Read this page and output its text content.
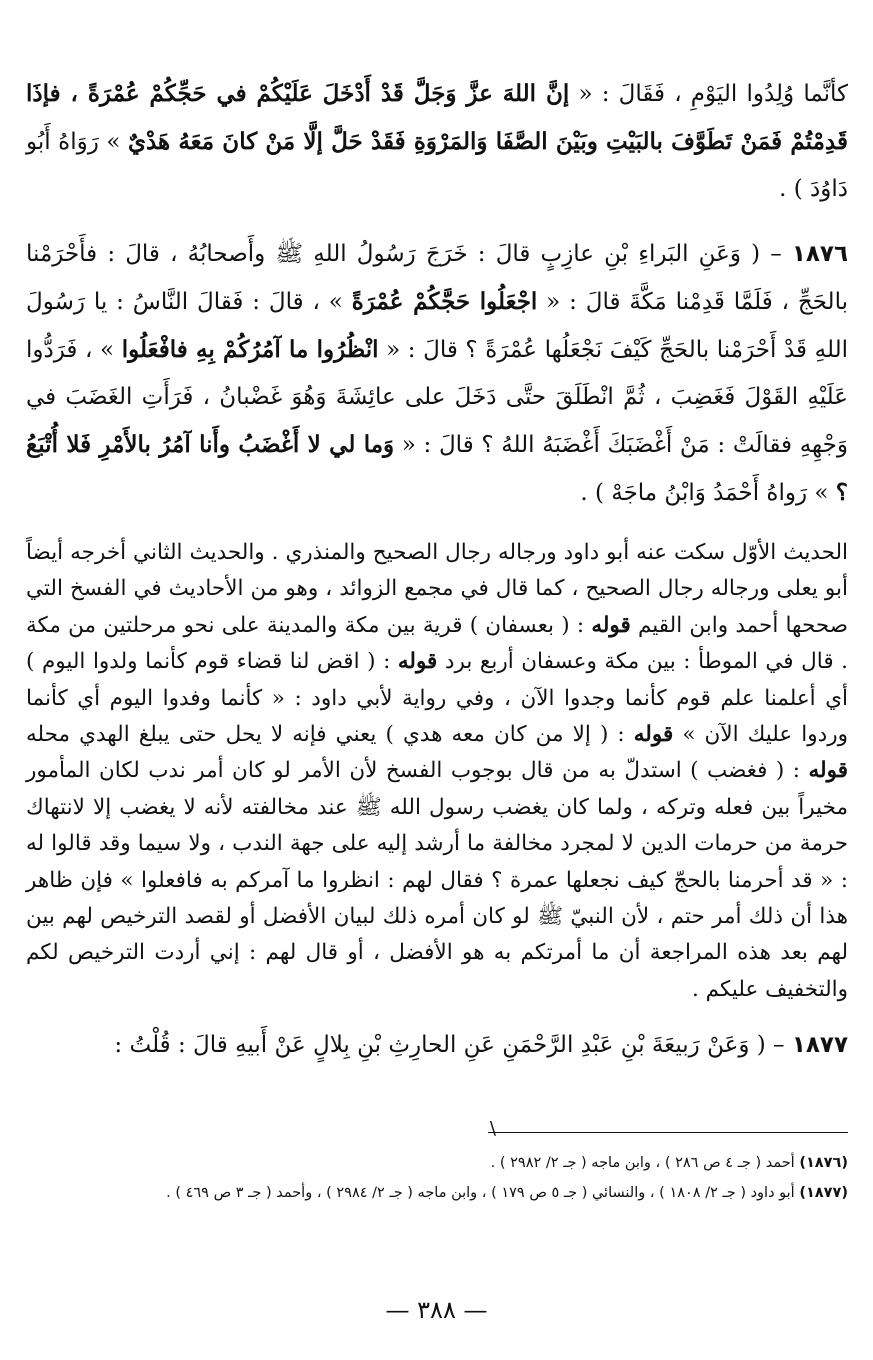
كأنَّما وُلِدُوا اليَوْمِ ، فَقَالَ : « إنَّ اللهَ عزَّ وَجَلَّ قَدْ أَدْخَلَ عَلَيْكُمْ في حَجِّكُمْ عُمْرَةً ، فإذَا قَدِمْتُمْ فَمَنْ تَطَوَّفَ بالبَيْتِ وبَيْنَ الصَّفَا وَالمَرْوَةِ فَقَدْ حَلَّ إلَّا مَنْ كانَ مَعَهُ هَدْيٌ » رَوَاهُ أَبُو دَاوُدَ ) .

١٨٧٦ – ( وَعَنِ البَراءِ بْنِ عازِبٍ قالَ : خَرَجَ رَسُولُ اللهِ ﷺ وأَصحابُهُ ، قالَ : فأَحْرَمْنا بالحَجِّ ، فَلَمَّا قَدِمْنا مَكَّةَ قالَ : « اجْعَلُوا حَجَّكُمْ عُمْرَةً » ، قالَ : فَقالَ النَّاسُ : يا رَسُولَ اللهِ قَدْ أَحْرَمْنا بالحَجِّ كَيْفَ نَجْعَلُها عُمْرَةً ؟ قالَ : « انْظُرُوا ما آمُرُكُمْ بِهِ فافْعَلُوا » ، فَرَدُّوا عَلَيْهِ القَوْلَ فَغَضِبَ ، ثُمَّ انْطَلَقَ حتَّى دَخَلَ على عائِشَةَ وَهُوَ غَضْبانُ ، فَرَأَتِ الغَضَبَ في وَجْهِهِ فقالَتْ : مَنْ أَغْضَبَكَ أَغْضَبَهُ اللهُ ؟ قالَ : « وَما لي لا أَغْضَبُ وأَنا آمُرُ بالأَمْرِ فَلا أُتْبَعُ ؟ » رَواهُ أَحْمَدُ وَابْنُ ماجَهْ ) .

الحديث الأوّل سكت عنه أبو داود ورجاله رجال الصحيح والمنذري . والحديث الثاني أخرجه أيضاً أبو يعلى ورجاله رجال الصحيح ، كما قال في مجمع الزوائد ، وهو من الأحاديث في الفسخ التي صححها أحمد وابن القيم قوله : ( بعسفان ) قرية بين مكة والمدينة على نحو مرحلتين من مكة . قال في الموطأ : بين مكة وعسفان أربع برد قوله : ( اقض لنا قضاء قوم كأنما ولدوا اليوم ) أي أعلمنا علم قوم كأنما وجدوا الآن ، وفي رواية لأبي داود : « كأنما وفدوا اليوم أي كأنما وردوا عليك الآن » قوله : ( إلا من كان معه هدي ) يعني فإنه لا يحل حتى يبلغ الهدي محله قوله : ( فغضب ) استدلّ به من قال بوجوب الفسخ لأن الأمر لو كان أمر ندب لكان المأمور مخيراً بين فعله وتركه ، ولما كان يغضب رسول الله ﷺ عند مخالفته لأنه لا يغضب إلا لانتهاك حرمة من حرمات الدين لا لمجرد مخالفة ما أرشد إليه على جهة الندب ، ولا سيما وقد قالوا له : « قد أحرمنا بالحجّ كيف نجعلها عمرة ؟ فقال لهم : انظروا ما آمركم به فافعلوا » فإن ظاهر هذا أن ذلك أمر حتم ، لأن النبيّ ﷺ لو كان أمره ذلك لبيان الأفضل أو لقصد الترخيص لهم بين لهم بعد هذه المراجعة أن ما أمرتكم به هو الأفضل ، أو قال لهم : إني أردت الترخيص لكم والتخفيف عليكم .

١٨٧٧ – ( وَعَنْ رَبيعَةَ بْنِ عَبْدِ الرَّحْمَنِ عَنِ الحارِثِ بْنِ بِلالٍ عَنْ أَبيهِ قالَ : قُلْتُ :

\

(١٨٧٦) أحمد ( جـ ٤ ص ٢٨٦ ) ، وابن ماجه ( جـ ٢/ ٢٩٨٢ ) .

(١٨٧٧) أبو داود ( جـ ٢/ ١٨٠٨ ) ، والنسائي ( جـ ٥ ص ١٧٩ ) ، وابن ماجه ( جـ ٢/ ٢٩٨٤ ) ، وأحمد ( جـ ٣ ص ٤٦٩ ) .

— ٣٨٨ —
